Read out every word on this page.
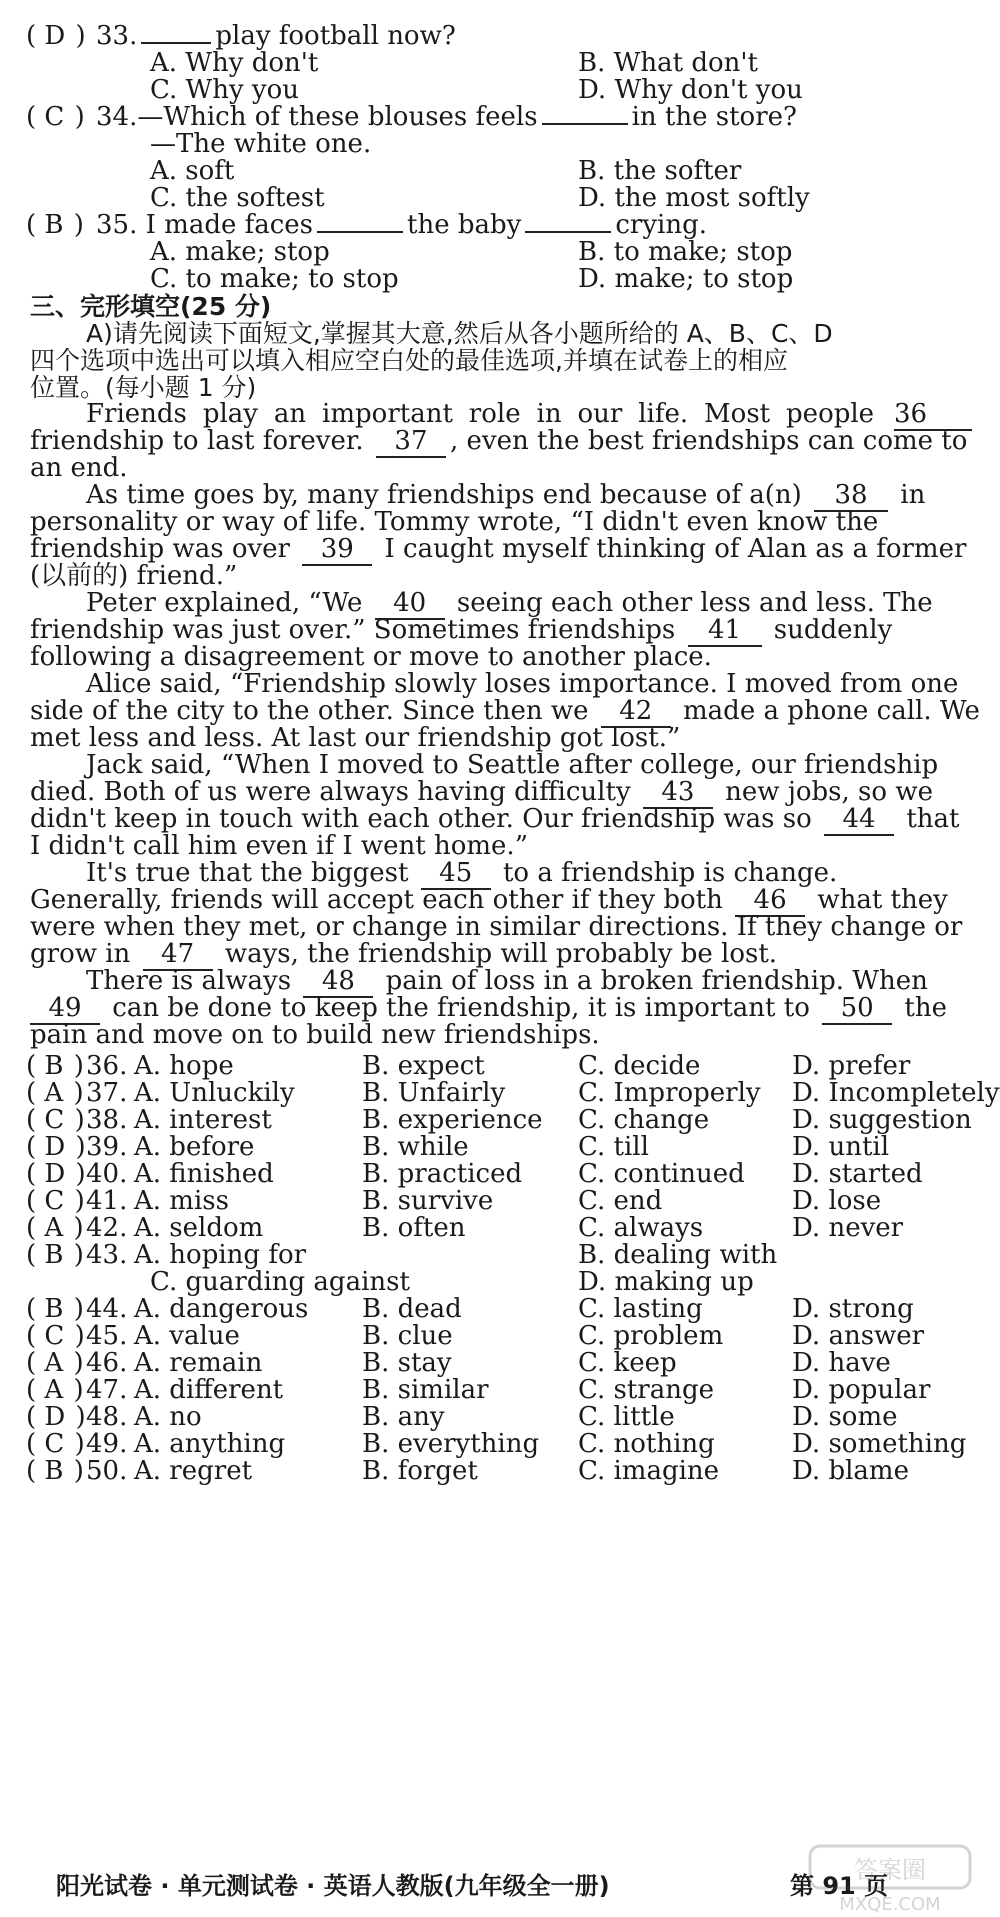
( D ) 33.	play football now?
A. Why don't	B. What don't
C. Why you	D. Why don't you
( C ) 34.—Which of these blouses feels	in the store?
—The white one.
A. soft	B. the softer
C. the softest	D. the most softly
( B ) 35. I made faces	the baby	crying.
A. make; stop	B. to make; stop
C. to make; to stop	D. make; to stop
三、完形填空(25 分)
A)请先阅读下面短文,掌握其大意,然后从各小题所给的 A、B、C、D
四个选项中选出可以填入相应空白处的最佳选项,并填在试卷上的相应
位置。(每小题 1 分)
Friends play an important role in our life. Most people 36
friendship to last forever. 37 , even the best friendships can come to
an end.
As time goes by, many friendships end because of a(n) 38 in
personality or way of life. Tommy wrote, “I didn't even know the
friendship was over 39 I caught myself thinking of Alan as a former
(以前的) friend.”
Peter explained, “We 40 seeing each other less and less. The
friendship was just over.” Sometimes friendships 41 suddenly
following a disagreement or move to another place.
Alice said, “Friendship slowly loses importance. I moved from one
side of the city to the other. Since then we 42 made a phone call. We
met less and less. At last our friendship got lost.”
Jack said, “When I moved to Seattle after college, our friendship
died. Both of us were always having difficulty 43 new jobs, so we
didn't keep in touch with each other. Our friendship was so 44 that
I didn't call him even if I went home.”
It's true that the biggest 45 to a friendship is change.
Generally, friends will accept each other if they both 46 what they
were when they met, or change in similar directions. If they change or
grow in 47 ways, the friendship will probably be lost.
There is always 48 pain of loss in a broken friendship. When
49 can be done to keep the friendship, it is important to 50 the
pain and move on to build new friendships.
( B ) 36. A. hope	B. expect	C. decide	D. prefer
( A ) 37. A. Unluckily	B. Unfairly	C. Improperly D. Incompletely
( C ) 38. A. interest	B. experience C. change	D. suggestion
( D ) 39. A. before	B. while	C. till	D. until
( D ) 40. A. finished	B. practiced C. continued D. started
( C ) 41. A. miss	B. survive	C. end	D. lose
( A ) 42. A. seldom	B. often	C. always	D. never
( B ) 43. A. hoping for	B. dealing with
C. guarding against	D. making up
( B ) 44. A. dangerous B. dead	C. lasting	D. strong
( C ) 45. A. value	B. clue	C. problem	D. answer
( A ) 46. A. remain	B. stay	C. keep	D. have
( A ) 47. A. different	B. similar	C. strange	D. popular
( D ) 48. A. no	B. any	C. little	D. some
( C ) 49. A. anything	B. everything C. nothing	D. something
( B ) 50. A. regret	B. forget	C. imagine	D. blame
阳光试卷 · 单元测试卷 · 英语人教版(九年级全一册)	第 91 页
答案圈
MXQE.COM
